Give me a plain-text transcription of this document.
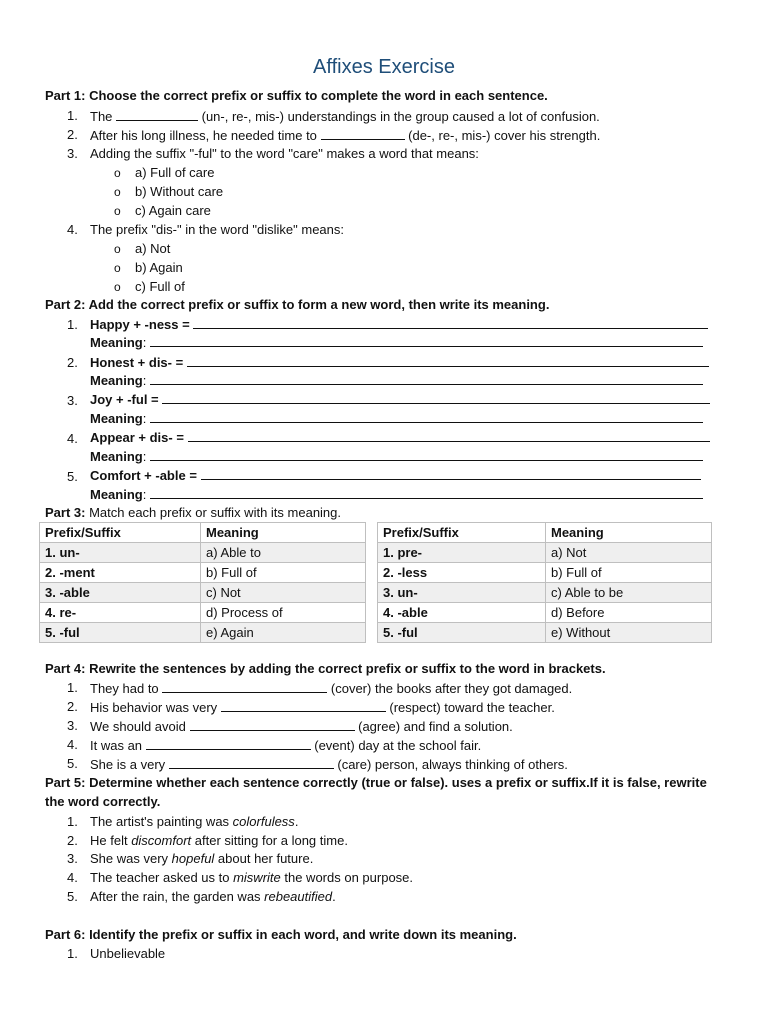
Affixes Exercise
Part 1: Choose the correct prefix or suffix to complete the word in each sentence.
1. The	(un-, re-, mis-) understandings in the group caused a lot of confusion.
2. After his long illness, he needed time to	(de-, re-, mis-) cover his strength.
3. Adding the suffix "-ful" to the word "care" makes a word that means:
o a) Full of care
o b) Without care
o c) Again care
4. The prefix "dis-" in the word "dislike" means:
o a) Not
o b) Again
o c) Full of
Part 2: Add the correct prefix or suffix to form a new word, then write its meaning.
1. Happy + -ness =
Meaning:
2. Honest + dis- =
Meaning:
3. Joy + -ful =
Meaning:
4. Appear + dis- =
Meaning:
5. Comfort + -able =
Meaning:
Part 3: Match each prefix or suffix with its meaning.
Prefix/Suffix	Meaning
1. un-	a) Able to
2. -ment	b) Full of
3. -able	c) Not
4. re-	d) Process of
5. -ful	e) Again
Prefix/Suffix	Meaning
1. pre-	a) Not
2. -less	b) Full of
3. un-	c) Able to be
4. -able	d) Before
5. -ful	e) Without
Part 4: Rewrite the sentences by adding the correct prefix or suffix to the word in brackets.
1. They had to	(cover) the books after they got damaged.
2. His behavior was very	(respect) toward the teacher.
3. We should avoid	(agree) and find a solution.
4. It was an	(event) day at the school fair.
5. She is a very	(care) person, always thinking of others.
Part 5: Determine whether each sentence correctly (true or false). uses a prefix or suffix.If it is false, rewrite
the word correctly.
1. The artist's painting was colorfuless.
2. He felt discomfort after sitting for a long time.
3. She was very hopeful about her future.
4. The teacher asked us to miswrite the words on purpose.
5. After the rain, the garden was rebeautified.
Part 6: Identify the prefix or suffix in each word, and write down its meaning.
1. Unbelievable
